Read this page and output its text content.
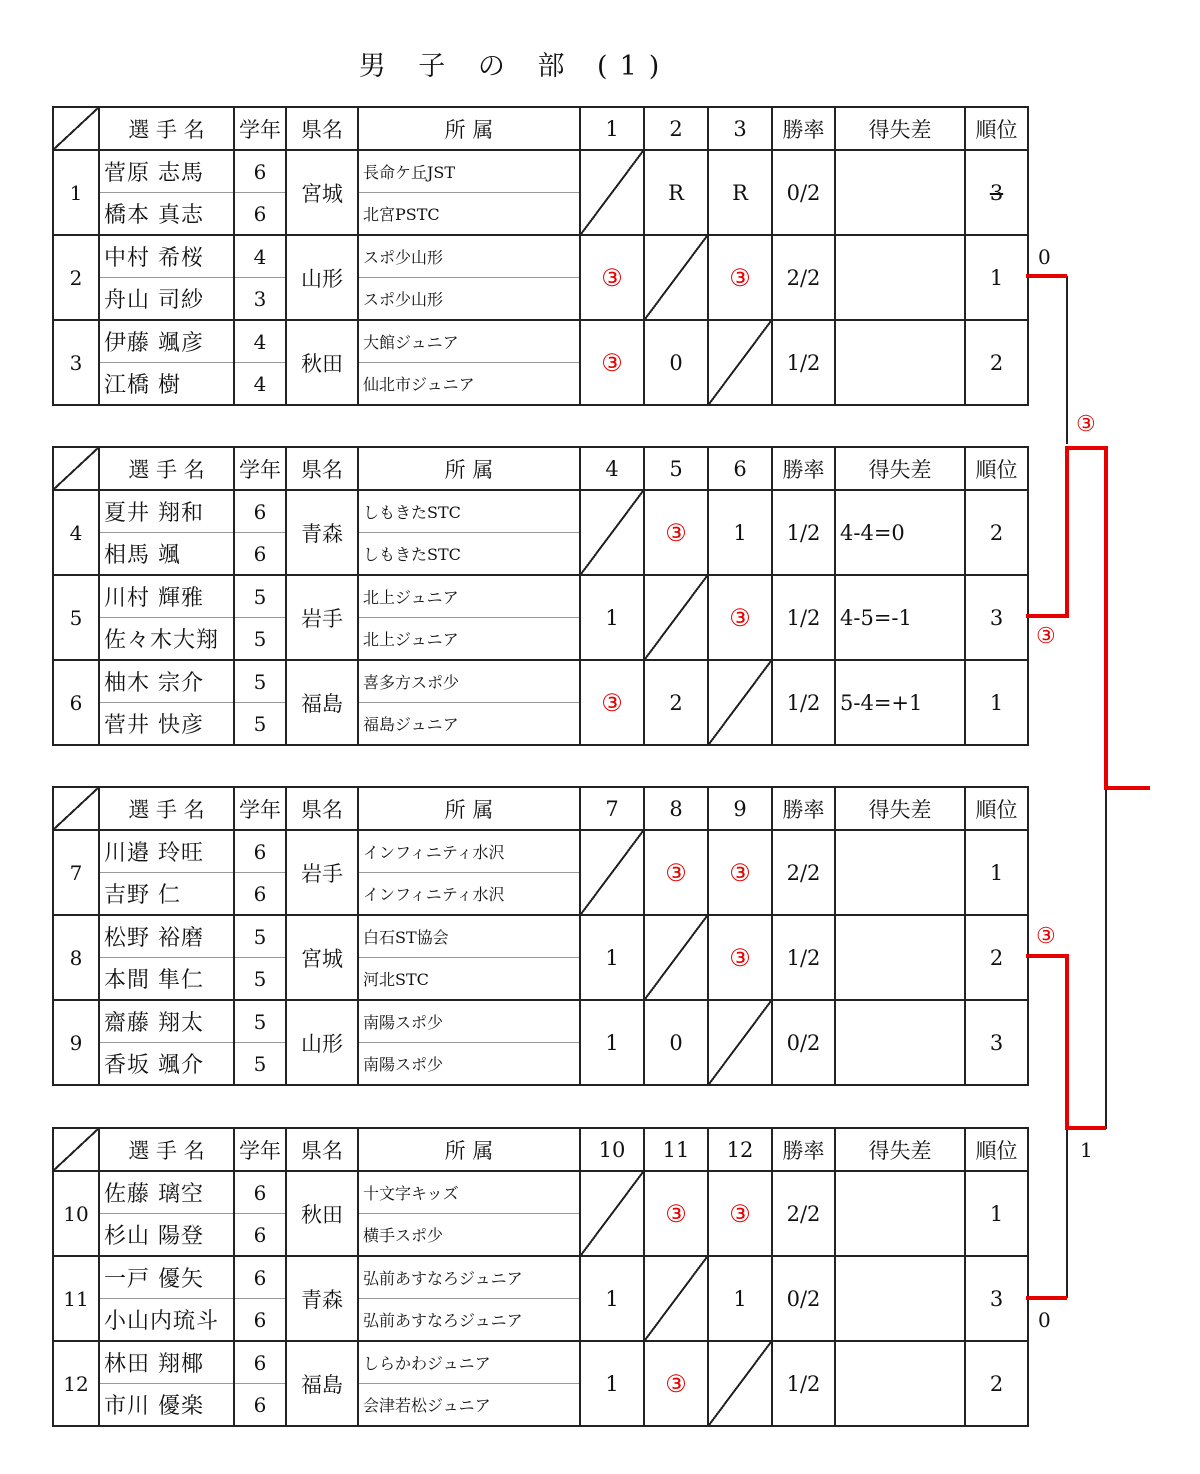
男 子 の 部 (1)
	選 手 名	学年	県名	所 属	1	2	3	勝率	得失差	順位
1	菅原 志馬	6	宮城	長命ケ丘JST		R	R	0/2		3
	橋本 真志	6		北宮PSTC						
2	中村 希桜	4	山形	スポ少山形	③		③	2/2		1
	舟山 司紗	3		スポ少山形						
3	伊藤 颯彦	4	秋田	大館ジュニア	③	0		1/2		2
	江橋 樹	4		仙北市ジュニア						
	選 手 名	学年	県名	所 属	4	5	6	勝率	得失差	順位
4	夏井 翔和	6	青森	しもきたSTC		③	1	1/2	4-4=0	2
	相馬 颯	6		しもきたSTC						
5	川村 輝雅	5	岩手	北上ジュニア	1		③	1/2	4-5=-1	3
	佐々木大翔	5		北上ジュニア						
6	柚木 宗介	5	福島	喜多方スポ少	③	2		1/2	5-4=+1	1
	菅井 快彦	5		福島ジュニア						
	選 手 名	学年	県名	所 属	7	8	9	勝率	得失差	順位
7	川邉 玲旺	6	岩手	インフィニティ水沢		③	③	2/2		1
	吉野 仁	6		インフィニティ水沢						
8	松野 裕磨	5	宮城	白石ST協会	1		③	1/2		2
	本間 隼仁	5		河北STC						
9	齋藤 翔太	5	山形	南陽スポ少	1	0		0/2		3
	香坂 颯介	5		南陽スポ少						
	選 手 名	学年	県名	所 属	10	11	12	勝率	得失差	順位
10	佐藤 璃空	6	秋田	十文字キッズ		③	③	2/2		1
	杉山 陽登	6		横手スポ少						
11	一戸 優矢	6	青森	弘前あすなろジュニア	1		1	0/2		3
	小山内琉斗	6		弘前あすなろジュニア						
12	林田 翔椰	6	福島	しらかわジュニア	1	③		1/2		2
	市川 優楽	6		会津若松ジュニア						
0
③
③
③
1
0
